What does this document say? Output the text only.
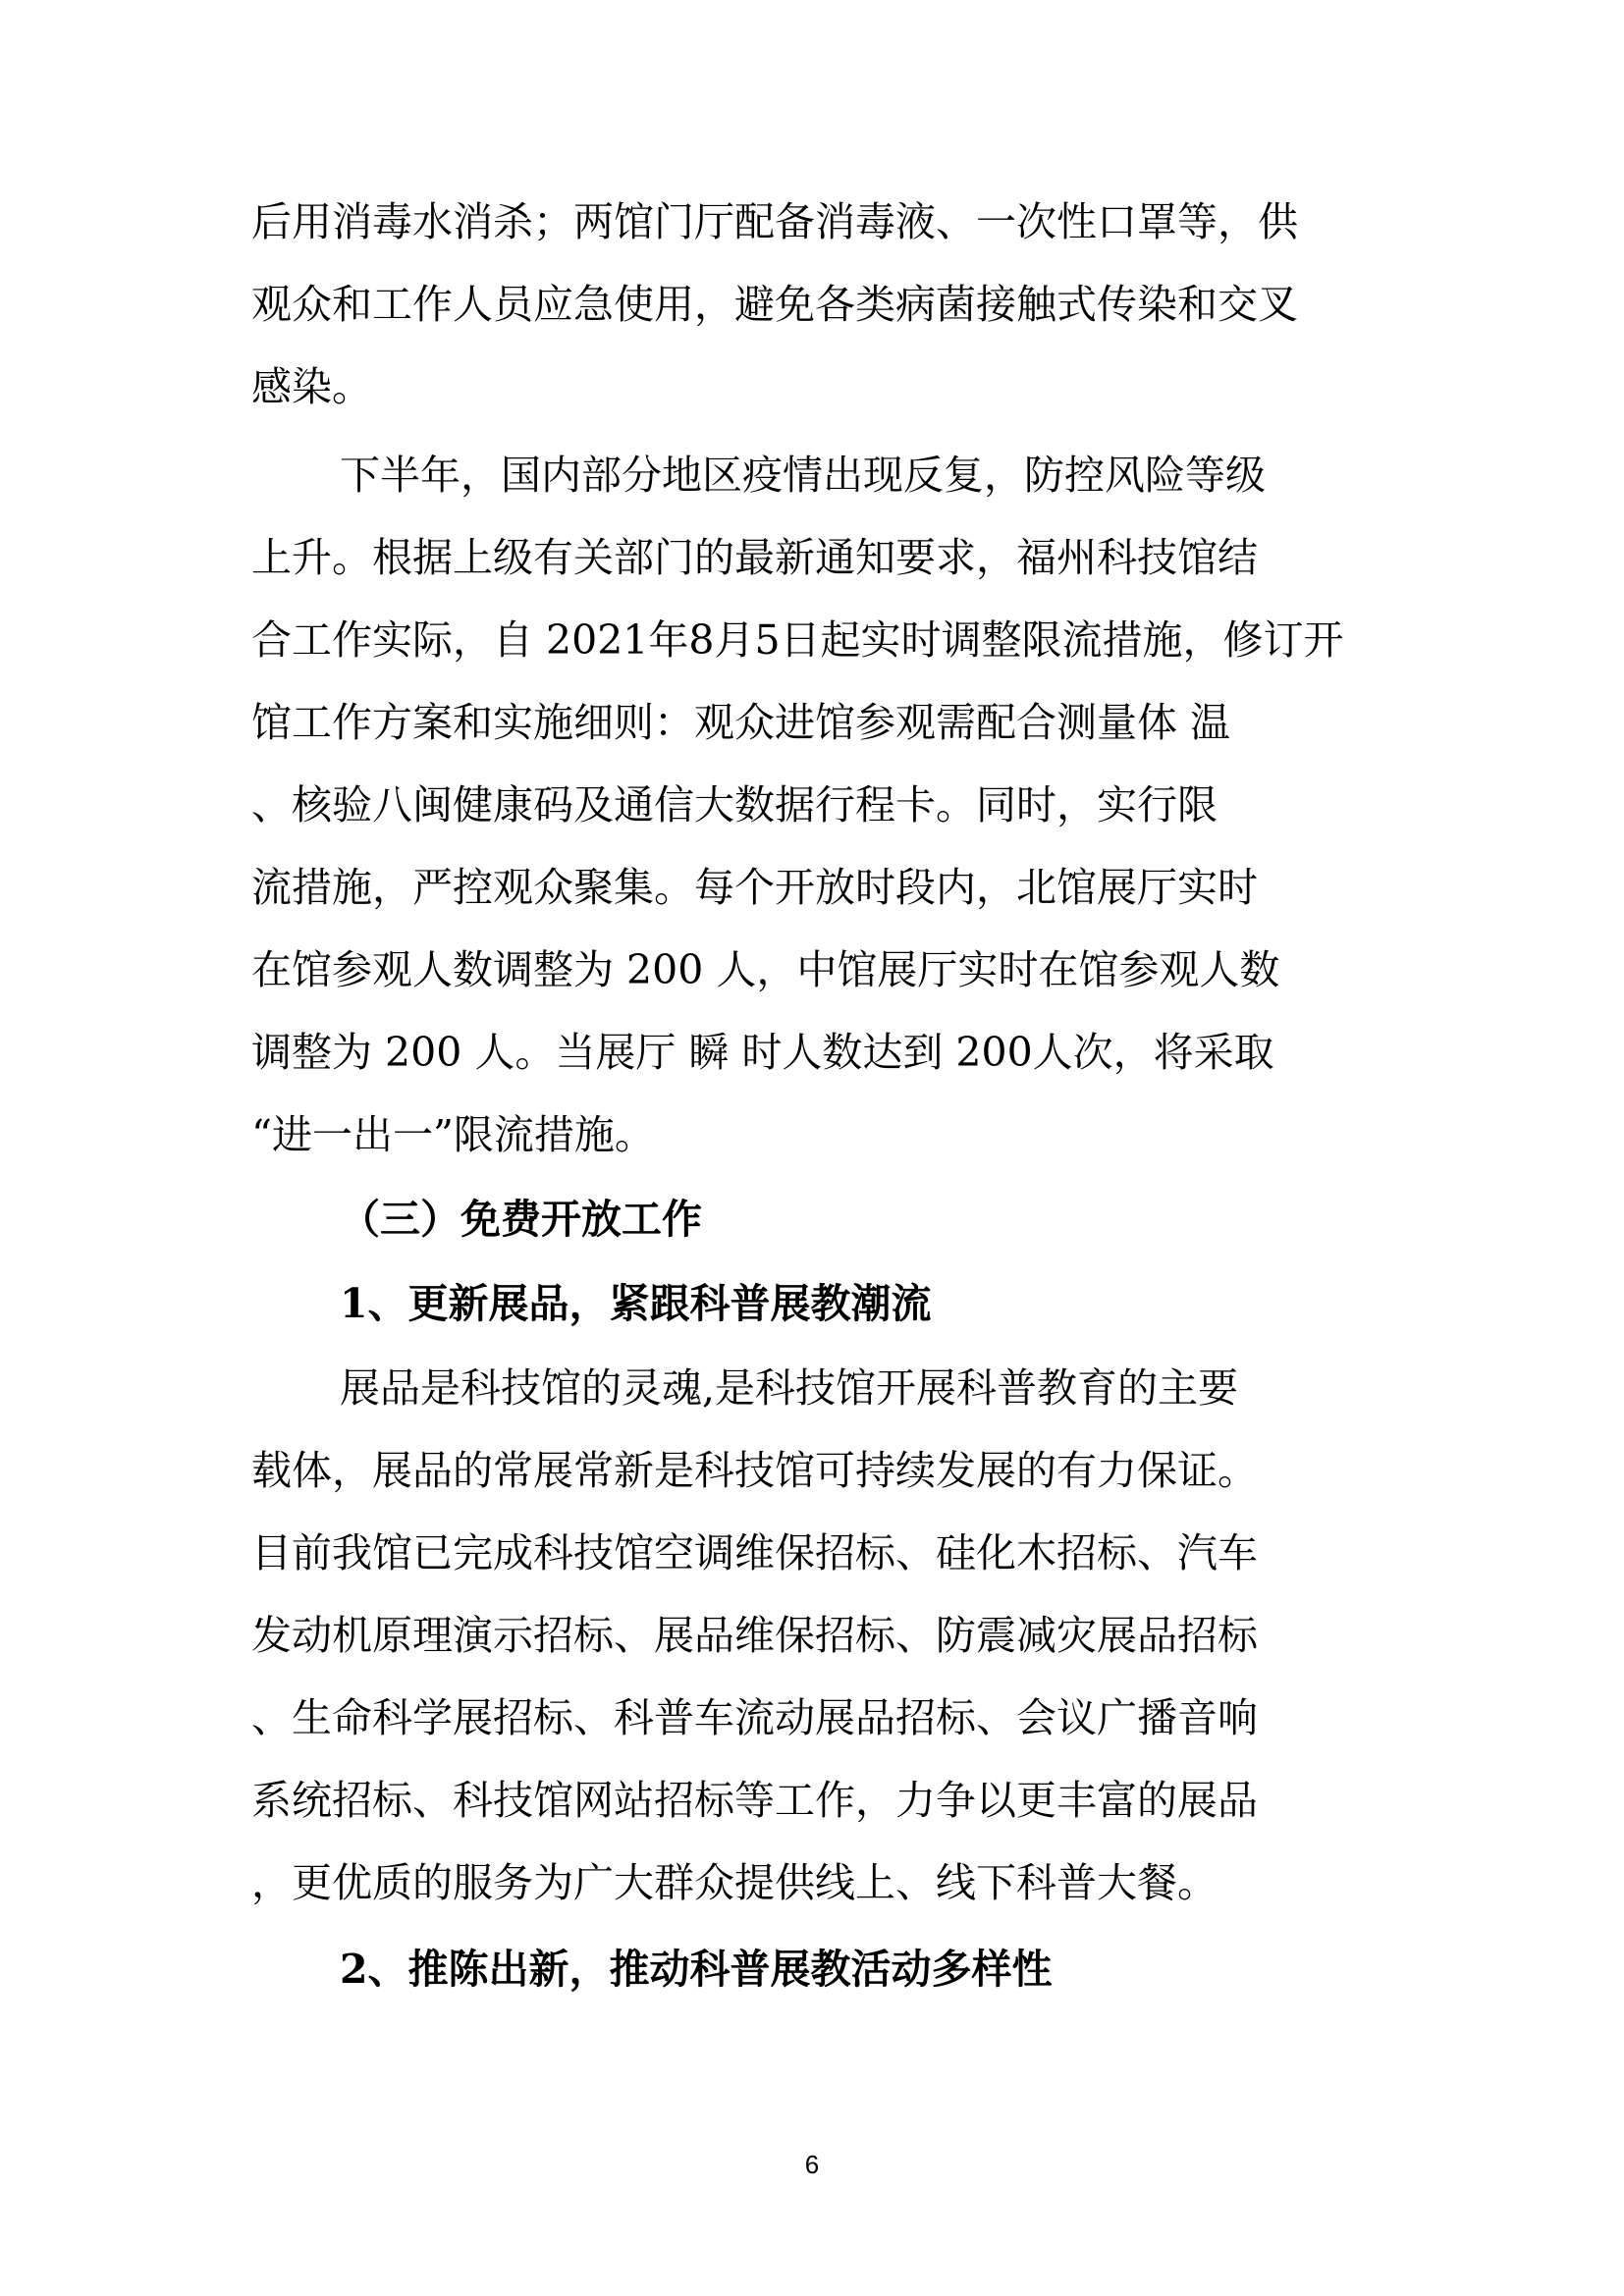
后用消毒水消杀；两馆门厅配备消毒液、一次性口罩等，供
观众和工作人员应急使用，避免各类病菌接触式传染和交叉
感染。
下半年，国内部分地区疫情出现反复，防控风险等级
上升。根据上级有关部门的最新通知要求，福州科技馆结
合工作实际，自 2021年8月5日起实时调整限流措施，修订开
馆工作方案和实施细则：观众进馆参观需配合测量体 温
、核验八闽健康码及通信大数据行程卡。同时，实行限
流措施，严控观众聚集。每个开放时段内，北馆展厅实时
在馆参观人数调整为 200 人，中馆展厅实时在馆参观人数
调整为 200 人。当展厅 瞬 时人数达到 200人次，将采取
“进一出一”限流措施。
（三）免费开放工作
1、更新展品，紧跟科普展教潮流
展品是科技馆的灵魂,是科技馆开展科普教育的主要
载体，展品的常展常新是科技馆可持续发展的有力保证。
目前我馆已完成科技馆空调维保招标、硅化木招标、汽车
发动机原理演示招标、展品维保招标、防震减灾展品招标
、生命科学展招标、科普车流动展品招标、会议广播音响
系统招标、科技馆网站招标等工作，力争以更丰富的展品
，更优质的服务为广大群众提供线上、线下科普大餐。
2、推陈出新，推动科普展教活动多样性
6
